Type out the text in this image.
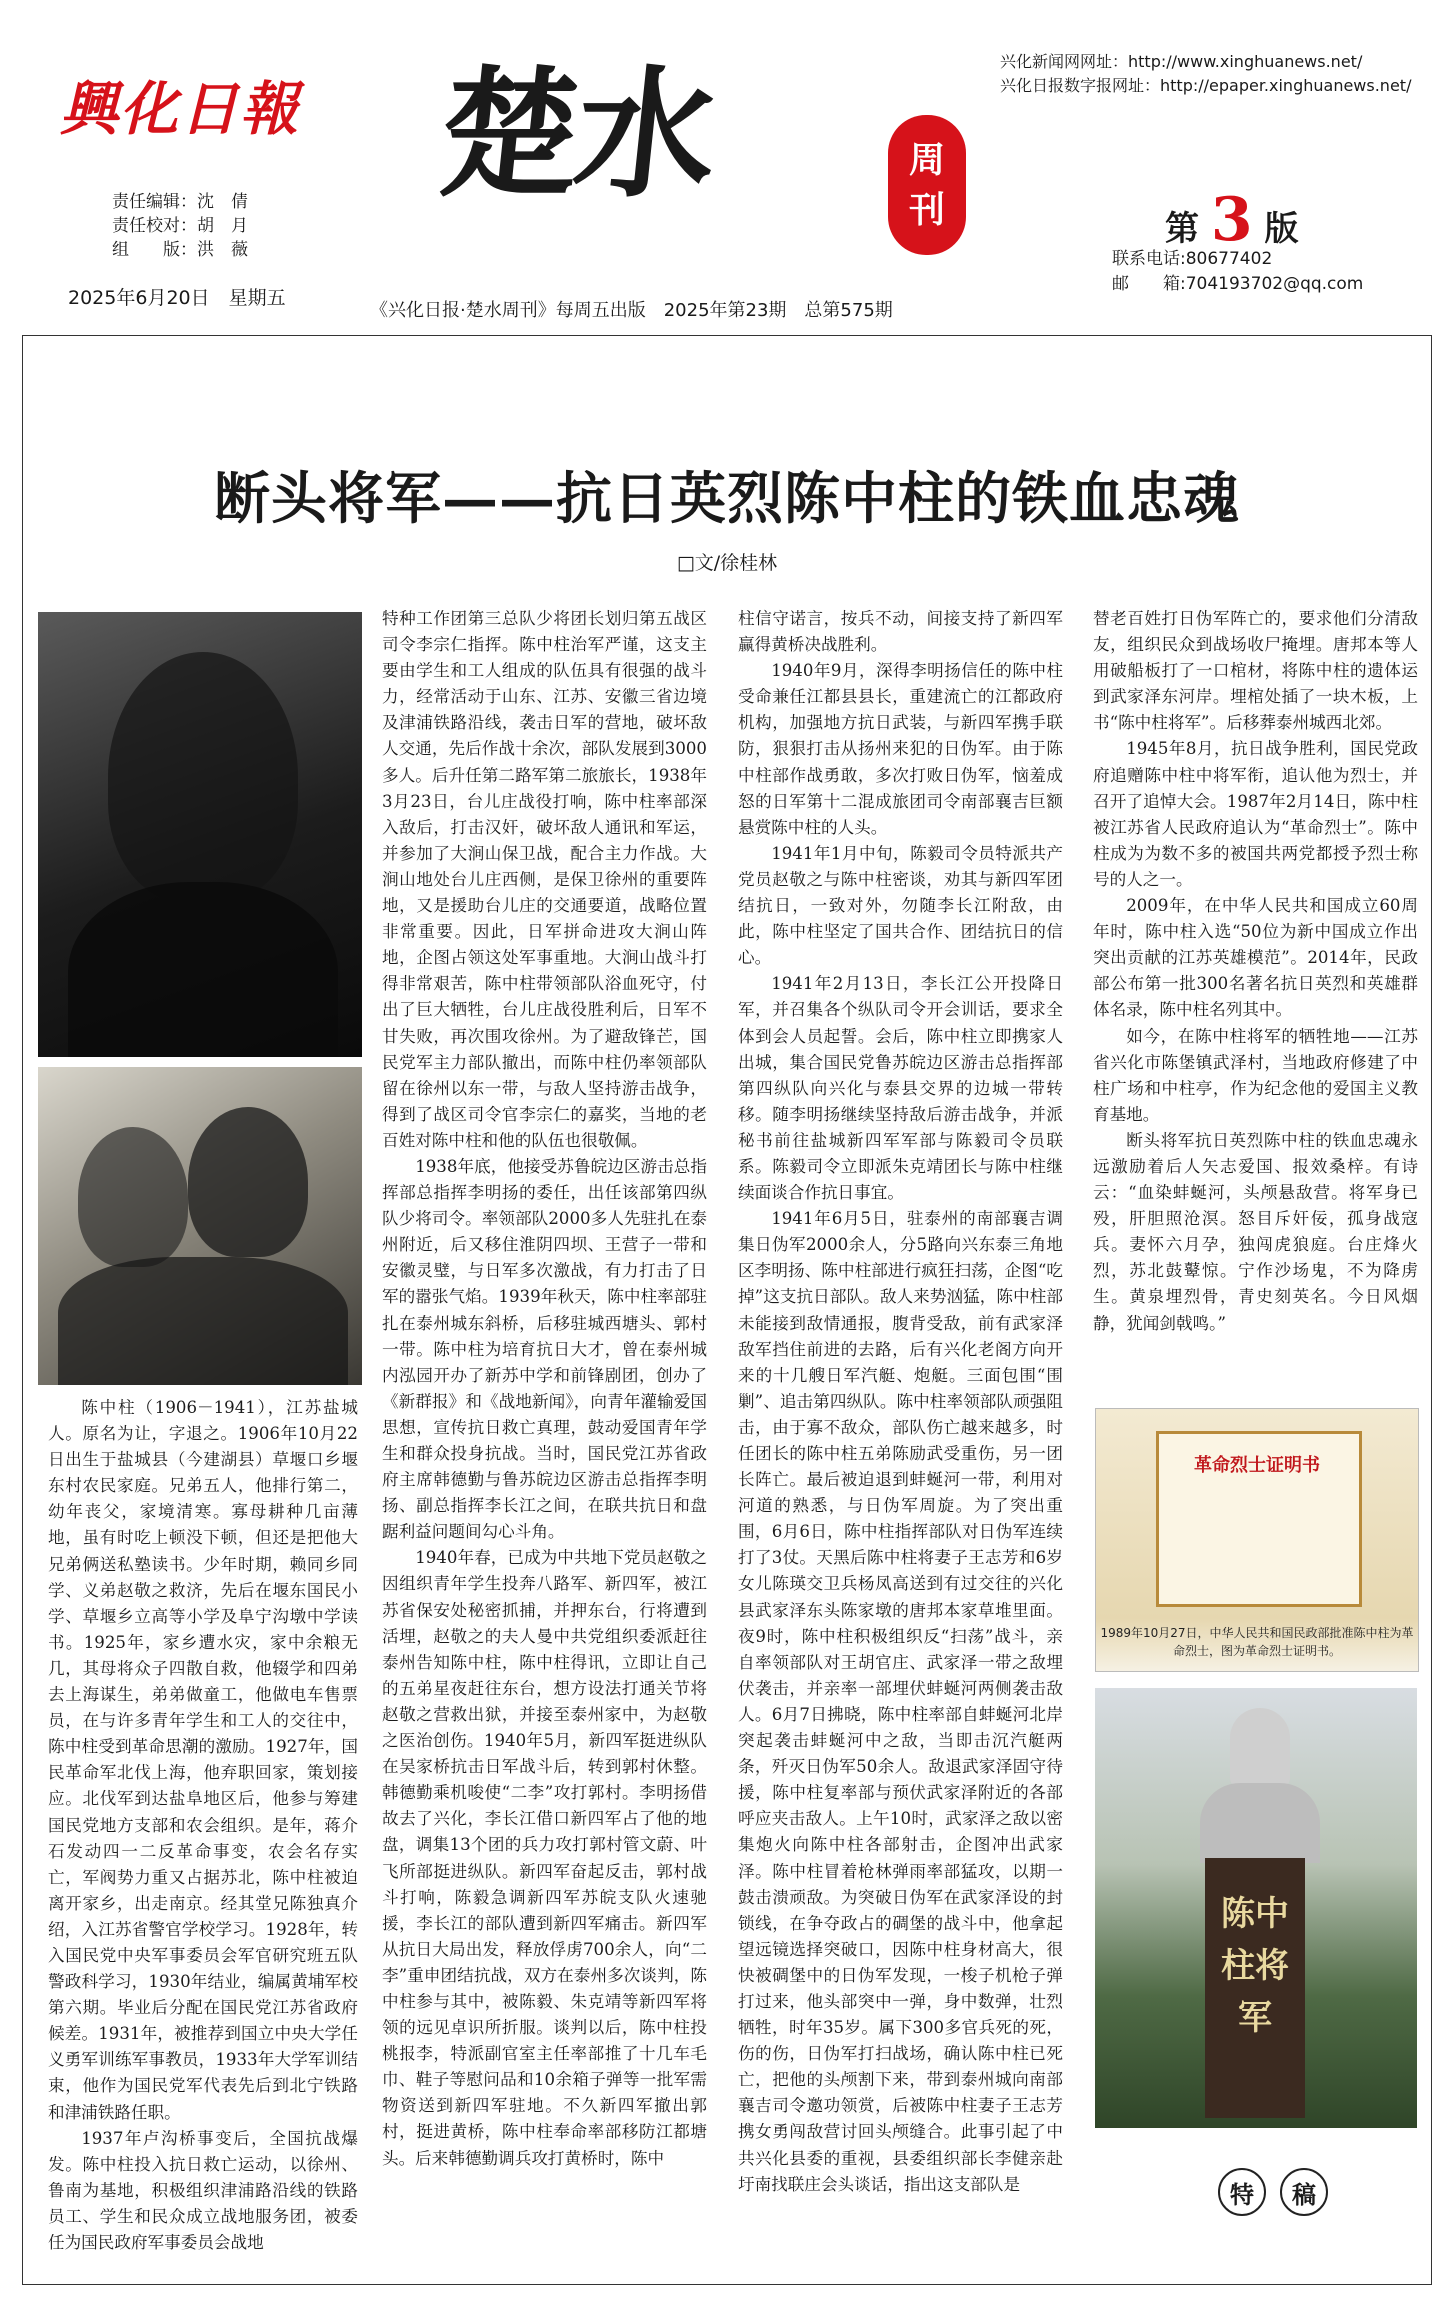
興化日報
责任编辑：沈　倩
责任校对：胡　月
组　　版：洪　薇
2025年6月20日　星期五
楚水	周
刊
《兴化日报·楚水周刊》每周五出版　2025年第23期　总第575期
兴化新闻网网址：http://www.xinghuanews.net/
兴化日报数字报网址：http://epaper.xinghuanews.net/
第 3 版
联系电话:80677402
邮　　箱:704193702@qq.com
断头将军——抗日英烈陈中柱的铁血忠魂
□文/徐桂林
革命烈士证明书
1989年10月27日，中华人民共和国民政部批准陈中柱为革命烈士，图为革命烈士证明书。
陈中柱将军

陈中柱（1906－1941），江苏盐城人。原名为让，字退之。1906年10月22日出生于盐城县（今建湖县）草堰口乡堰东村农民家庭。兄弟五人，他排行第二，幼年丧父，家境清寒。寡母耕种几亩薄地，虽有时吃上顿没下顿，但还是把他大兄弟俩送私塾读书。少年时期，赖同乡同学、义弟赵敬之救济，先后在堰东国民小学、草堰乡立高等小学及阜宁沟墩中学读书。1925年，家乡遭水灾，家中余粮无几，其母将众子四散自救，他辍学和四弟去上海谋生，弟弟做童工，他做电车售票员，在与许多青年学生和工人的交往中，陈中柱受到革命思潮的激励。1927年，国民革命军北伐上海，他弃职回家，策划接应。北伐军到达盐阜地区后，他参与筹建国民党地方支部和农会组织。是年，蒋介石发动四一二反革命事变，农会名存实亡，军阀势力重又占据苏北，陈中柱被迫离开家乡，出走南京。经其堂兄陈独真介绍，入江苏省警官学校学习。1928年，转入国民党中央军事委员会军官研究班五队警政科学习，1930年结业，编属黄埔军校第六期。毕业后分配在国民党江苏省政府候差。1931年，被推荐到国立中央大学任义勇军训练军事教员，1933年大学军训结束，他作为国民党军代表先后到北宁铁路和津浦铁路任职。

1937年卢沟桥事变后，全国抗战爆发。陈中柱投入抗日救亡运动，以徐州、鲁南为基地，积极组织津浦路沿线的铁路员工、学生和民众成立战地服务团，被委任为国民政府军事委员会战地

特种工作团第三总队少将团长划归第五战区司令李宗仁指挥。陈中柱治军严谨，这支主要由学生和工人组成的队伍具有很强的战斗力，经常活动于山东、江苏、安徽三省边境及津浦铁路沿线，袭击日军的营地，破坏敌人交通，先后作战十余次，部队发展到3000多人。后升任第二路军第二旅旅长，1938年3月23日，台儿庄战役打响，陈中柱率部深入敌后，打击汉奸，破坏敌人通讯和军运，并参加了大涧山保卫战，配合主力作战。大涧山地处台儿庄西侧，是保卫徐州的重要阵地，又是援助台儿庄的交通要道，战略位置非常重要。因此，日军拼命进攻大涧山阵地，企图占领这处军事重地。大涧山战斗打得非常艰苦，陈中柱带领部队浴血死守，付出了巨大牺牲，台儿庄战役胜利后，日军不甘失败，再次围攻徐州。为了避敌锋芒，国民党军主力部队撤出，而陈中柱仍率领部队留在徐州以东一带，与敌人坚持游击战争，得到了战区司令官李宗仁的嘉奖，当地的老百姓对陈中柱和他的队伍也很敬佩。

1938年底，他接受苏鲁皖边区游击总指挥部总指挥李明扬的委任，出任该部第四纵队少将司令。率领部队2000多人先驻扎在泰州附近，后又移住淮阴四坝、王营子一带和安徽灵璧，与日军多次激战，有力打击了日军的嚣张气焰。1939年秋天，陈中柱率部驻扎在泰州城东斜桥，后移驻城西塘头、郭村一带。陈中柱为培育抗日大才，曾在泰州城内泓园开办了新苏中学和前锋剧团，创办了《新群报》和《战地新闻》，向青年灌输爱国思想，宣传抗日救亡真理，鼓动爱国青年学生和群众投身抗战。当时，国民党江苏省政府主席韩德勤与鲁苏皖边区游击总指挥李明扬、副总指挥李长江之间，在联共抗日和盘踞利益问题间勾心斗角。

1940年春，已成为中共地下党员赵敬之因组织青年学生投奔八路军、新四军，被江苏省保安处秘密抓捕，并押东台，行将遭到活埋，赵敬之的夫人曼中共党组织委派赶往泰州告知陈中柱，陈中柱得讯，立即让自己的五弟星夜赶往东台，想方设法打通关节将赵敬之营救出狱，并接至泰州家中，为赵敬之医治创伤。1940年5月，新四军挺进纵队在吴家桥抗击日军战斗后，转到郭村休整。韩德勤乘机唆使“二李”攻打郭村。李明扬借故去了兴化，李长江借口新四军占了他的地盘，调集13个团的兵力攻打郭村管文蔚、叶飞所部挺进纵队。新四军奋起反击，郭村战斗打响，陈毅急调新四军苏皖支队火速驰援，李长江的部队遭到新四军痛击。新四军从抗日大局出发，释放俘虏700余人，向“二李”重申团结抗战，双方在泰州多次谈判，陈中柱参与其中，被陈毅、朱克靖等新四军将领的远见卓识所折服。谈判以后，陈中柱投桃报李，特派副官室主任率部推了十几车毛巾、鞋子等慰问品和10余箱子弹等一批军需物资送到新四军驻地。不久新四军撤出郭村，挺进黄桥，陈中柱奉命率部移防江都塘头。后来韩德勤调兵攻打黄桥时，陈中

柱信守诺言，按兵不动，间接支持了新四军赢得黄桥决战胜利。

1940年9月，深得李明扬信任的陈中柱受命兼任江都县县长，重建流亡的江都政府机构，加强地方抗日武装，与新四军携手联防，狠狠打击从扬州来犯的日伪军。由于陈中柱部作战勇敢，多次打败日伪军，恼羞成怒的日军第十二混成旅团司令南部襄吉巨额悬赏陈中柱的人头。

1941年1月中旬，陈毅司令员特派共产党员赵敬之与陈中柱密谈，劝其与新四军团结抗日，一致对外，勿随李长江附敌，由此，陈中柱坚定了国共合作、团结抗日的信心。

1941年2月13日，李长江公开投降日军，并召集各个纵队司令开会训话，要求全体到会人员起誓。会后，陈中柱立即携家人出城，集合国民党鲁苏皖边区游击总指挥部第四纵队向兴化与泰县交界的边城一带转移。随李明扬继续坚持敌后游击战争，并派秘书前往盐城新四军军部与陈毅司令员联系。陈毅司令立即派朱克靖团长与陈中柱继续面谈合作抗日事宜。

1941年6月5日，驻泰州的南部襄吉调集日伪军2000余人，分5路向兴东泰三角地区李明扬、陈中柱部进行疯狂扫荡，企图“吃掉”这支抗日部队。敌人来势汹猛，陈中柱部未能接到敌情通报，腹背受敌，前有武家泽敌军挡住前进的去路，后有兴化老阁方向开来的十几艘日军汽艇、炮艇。三面包围“围剿”、追击第四纵队。陈中柱率领部队顽强阻击，由于寡不敌众，部队伤亡越来越多，时任团长的陈中柱五弟陈励武受重伤，另一团长阵亡。最后被迫退到蚌蜒河一带，利用对河道的熟悉，与日伪军周旋。为了突出重围，6月6日，陈中柱指挥部队对日伪军连续打了3仗。天黑后陈中柱将妻子王志芳和6岁女儿陈瑛交卫兵杨凤高送到有过交往的兴化县武家泽东头陈家墩的唐邦本家草堆里面。夜9时，陈中柱积极组织反“扫荡”战斗，亲自率领部队对王胡官庄、武家泽一带之敌埋伏袭击，并亲率一部埋伏蚌蜒河两侧袭击敌人。6月7日拂晓，陈中柱率部自蚌蜒河北岸突起袭击蚌蜒河中之敌，当即击沉汽艇两条，歼灭日伪军50余人。敌退武家泽固守待援，陈中柱复率部与预伏武家泽附近的各部呼应夹击敌人。上午10时，武家泽之敌以密集炮火向陈中柱各部射击，企图冲出武家泽。陈中柱冒着枪林弹雨率部猛攻，以期一鼓击溃顽敌。为突破日伪军在武家泽设的封锁线，在争夺政占的碉堡的战斗中，他拿起望远镜选择突破口，因陈中柱身材高大，很快被碉堡中的日伪军发现，一梭子机枪子弹打过来，他头部突中一弹，身中数弹，壮烈牺牲，时年35岁。属下300多官兵死的死，伤的伤，日伪军打扫战场，确认陈中柱已死亡，把他的头颅割下来，带到泰州城向南部襄吉司令邀功领赏，后被陈中柱妻子王志芳携女勇闯敌营讨回头颅缝合。此事引起了中共兴化县委的重视，县委组织部长李健亲赴圩南找联庄会头谈话，指出这支部队是

替老百姓打日伪军阵亡的，要求他们分清敌友，组织民众到战场收尸掩埋。唐邦本等人用破船板打了一口棺材，将陈中柱的遗体运到武家泽东河岸。埋棺处插了一块木板，上书“陈中柱将军”。后移葬泰州城西北郊。

1945年8月，抗日战争胜利，国民党政府追赠陈中柱中将军衔，追认他为烈士，并召开了追悼大会。1987年2月14日，陈中柱被江苏省人民政府追认为“革命烈士”。陈中柱成为为数不多的被国共两党都授予烈士称号的人之一。

2009年，在中华人民共和国成立60周年时，陈中柱入选“50位为新中国成立作出突出贡献的江苏英雄模范”。2014年，民政部公布第一批300名著名抗日英烈和英雄群体名录，陈中柱名列其中。

如今，在陈中柱将军的牺牲地——江苏省兴化市陈堡镇武泽村，当地政府修建了中柱广场和中柱亭，作为纪念他的爱国主义教育基地。

断头将军抗日英烈陈中柱的铁血忠魂永远激励着后人矢志爱国、报效桑梓。有诗云：“血染蚌蜒河，头颅悬敌营。将军身已殁，肝胆照沧溟。怒目斥奸佞，孤身战寇兵。妻怀六月孕，独闯虎狼庭。台庄烽火烈，苏北鼓鼙惊。宁作沙场鬼，不为降虏生。黄泉埋烈骨，青史刻英名。今日风烟静，犹闻剑戟鸣。”

特	稿
